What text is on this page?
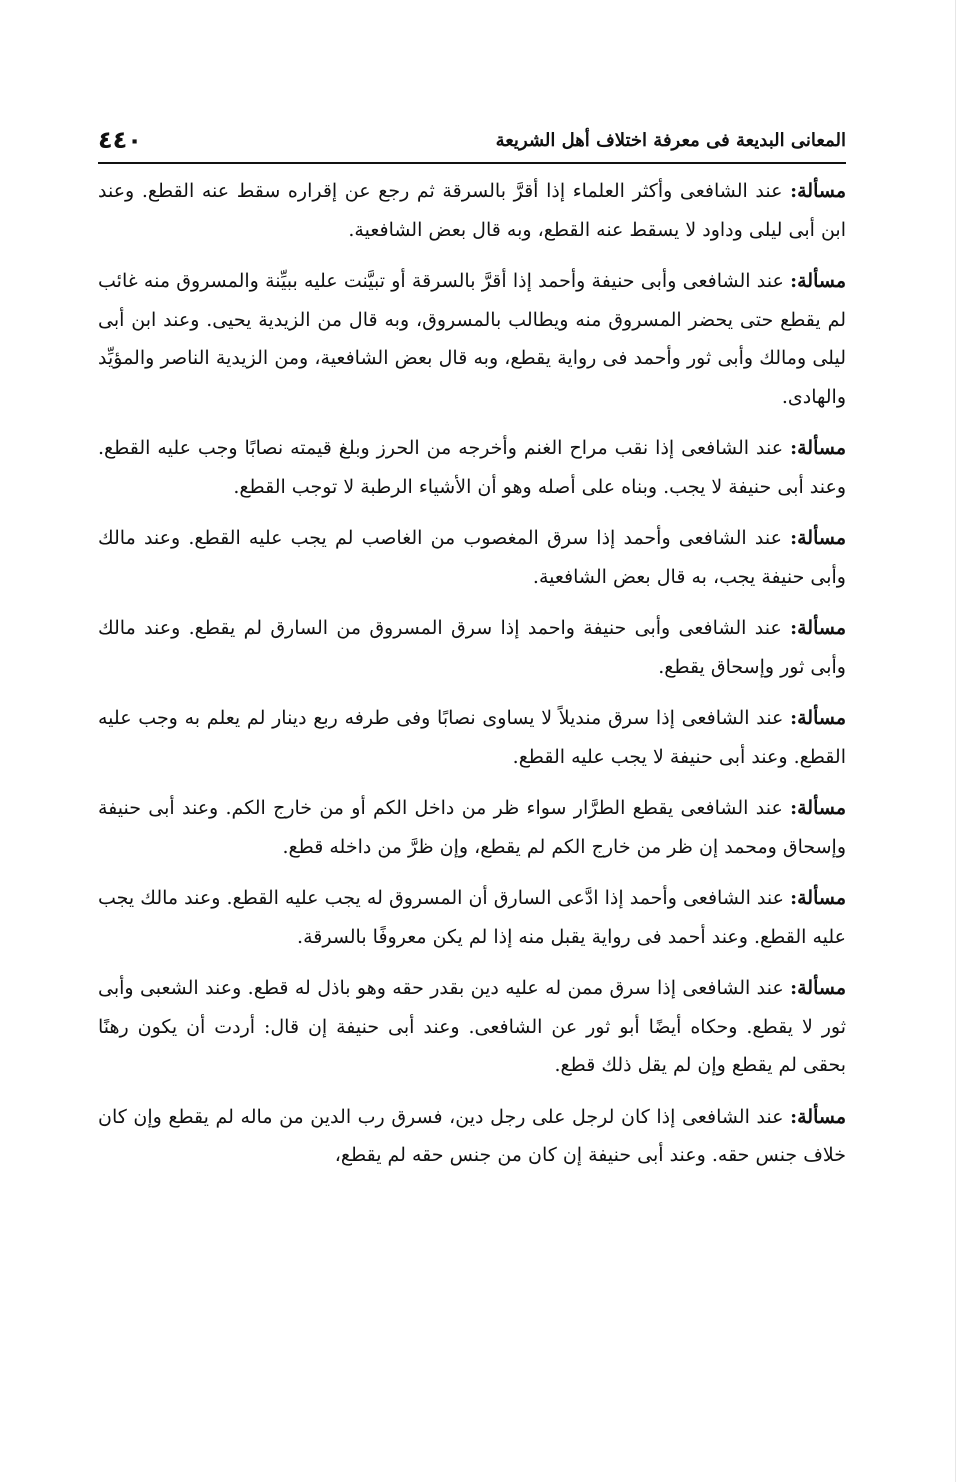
٤٤٠	المعانى البديعة فى معرفة اختلاف أهل الشريعة

مسألة: عند الشافعى وأكثر العلماء إذا أقرَّ بالسرقة ثم رجع عن إقراره سقط عنه القطع. وعند ابن أبى ليلى وداود لا يسقط عنه القطع، وبه قال بعض الشافعية.

مسألة: عند الشافعى وأبى حنيفة وأحمد إذا أقرَّ بالسرقة أو تبيَّنت عليه ببيِّنة والمسروق منه غائب لم يقطع حتى يحضر المسروق منه ويطالب بالمسروق، وبه قال من الزيدية يحيى. وعند ابن أبى ليلى ومالك وأبى ثور وأحمد فى رواية يقطع، وبه قال بعض الشافعية، ومن الزيدية الناصر والمؤيِّد والهادى.

مسألة: عند الشافعى إذا نقب مراح الغنم وأخرجه من الحرز وبلغ قيمته نصابًا وجب عليه القطع. وعند أبى حنيفة لا يجب. وبناه على أصله وهو أن الأشياء الرطبة لا توجب القطع.

مسألة: عند الشافعى وأحمد إذا سرق المغصوب من الغاصب لم يجب عليه القطع. وعند مالك وأبى حنيفة يجب، به قال بعض الشافعية.

مسألة: عند الشافعى وأبى حنيفة واحمد إذا سرق المسروق من السارق لم يقطع. وعند مالك وأبى ثور وإسحاق يقطع.

مسألة: عند الشافعى إذا سرق منديلاً لا يساوى نصابًا وفى طرفه ربع دينار لم يعلم به وجب عليه القطع. وعند أبى حنيفة لا يجب عليه القطع.

مسألة: عند الشافعى يقطع الطرَّار سواء ظر من داخل الكم أو من خارج الكم. وعند أبى حنيفة وإسحاق ومحمد إن ظر من خارج الكم لم يقطع، وإن ظرَّ من داخله قطع.

مسألة: عند الشافعى وأحمد إذا ادَّعى السارق أن المسروق له يجب عليه القطع. وعند مالك يجب عليه القطع. وعند أحمد فى رواية يقبل منه إذا لم يكن معروفًا بالسرقة.

مسألة: عند الشافعى إذا سرق ممن له عليه دين بقدر حقه وهو باذل له قطع. وعند الشعبى وأبى ثور لا يقطع. وحكاه أيضًا أبو ثور عن الشافعى. وعند أبى حنيفة إن قال: أردت أن يكون رهنًا بحقى لم يقطع وإن لم يقل ذلك قطع.

مسألة: عند الشافعى إذا كان لرجل على رجل دين، فسرق رب الدين من ماله لم يقطع وإن كان خلاف جنس حقه. وعند أبى حنيفة إن كان من جنس حقه لم يقطع،
